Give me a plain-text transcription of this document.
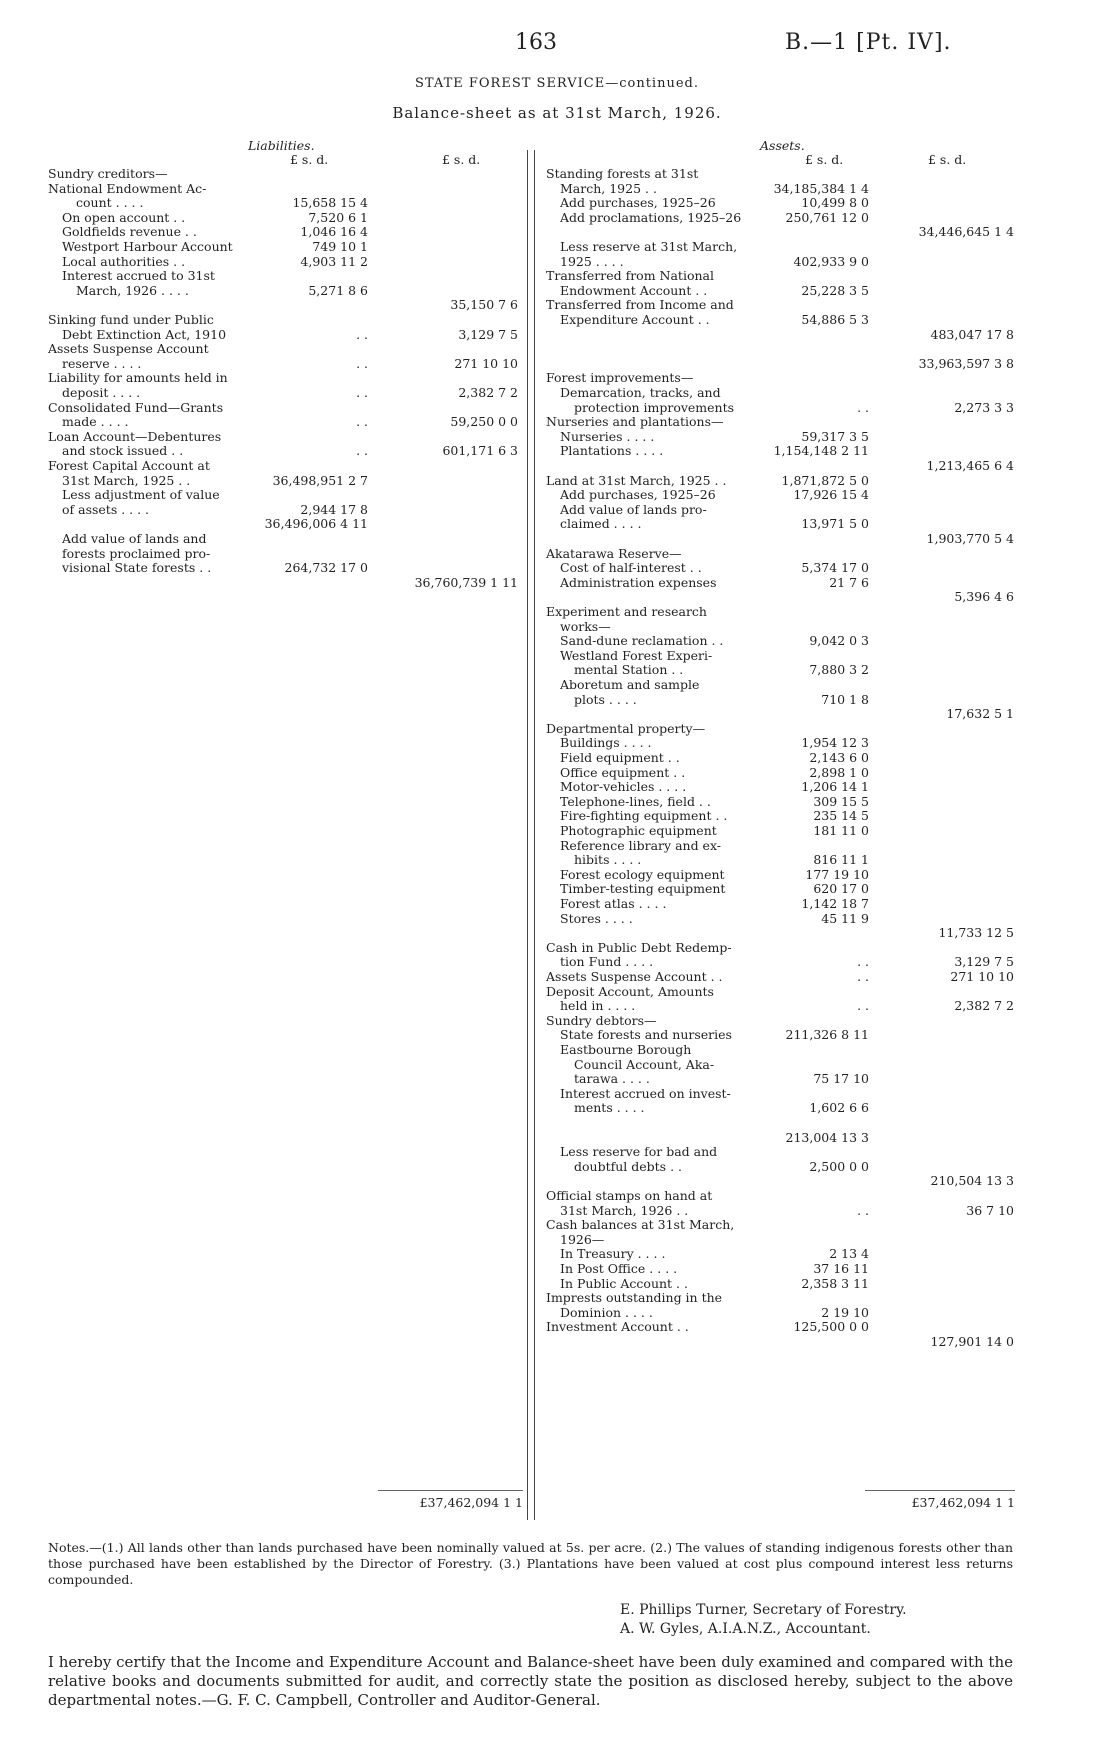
163	B.—1 [Pt. IV].
STATE FOREST SERVICE—continued.
Balance-sheet as at 31st March, 1926.
Liabilities.
£ s. d.	£ s. d.
Assets.
£ s. d.	£ s. d.
Sundry creditors—
National Endowment Ac-
count . . . .	15,658 15 4
On open account . .	7,520 6 1
Goldfields revenue . .	1,046 16 4
Westport Harbour Account	749 10 1
Local authorities . .	4,903 11 2
Interest accrued to 31st
March, 1926 . . . .	5,271 8 6
35,150 7 6
Sinking fund under Public
Debt Extinction Act, 1910	. .	3,129 7 5
Assets Suspense Account
reserve . . . .	. .	271 10 10
Liability for amounts held in
deposit . . . .	. .	2,382 7 2
Consolidated Fund—Grants
made . . . .	. .	59,250 0 0
Loan Account—Debentures
and stock issued . .	. .	601,171 6 3
Forest Capital Account at
31st March, 1925 . .	36,498,951 2 7
Less adjustment of value
of assets . . . .	2,944 17 8
36,496,006 4 11
Add value of lands and
forests proclaimed pro-
visional State forests . .	264,732 17 0
36,760,739 1 11
Standing forests at 31st
March, 1925 . .	34,185,384 1 4
Add purchases, 1925–26	10,499 8 0
Add proclamations, 1925–26	250,761 12 0
34,446,645 1 4
Less reserve at 31st March,
1925 . . . .	402,933 9 0
Transferred from National
Endowment Account . .	25,228 3 5
Transferred from Income and
Expenditure Account . .	54,886 5 3
483,047 17 8
33,963,597 3 8
Forest improvements—
Demarcation, tracks, and
protection improvements	. .	2,273 3 3
Nurseries and plantations—
Nurseries . . . .	59,317 3 5
Plantations . . . .	1,154,148 2 11
1,213,465 6 4
Land at 31st March, 1925 . .	1,871,872 5 0
Add purchases, 1925–26	17,926 15 4
Add value of lands pro-
claimed . . . .	13,971 5 0
1,903,770 5 4
Akatarawa Reserve—
Cost of half-interest . .	5,374 17 0
Administration expenses	21 7 6
5,396 4 6
Experiment and research
works—
Sand-dune reclamation . .	9,042 0 3
Westland Forest Experi-
mental Station . .	7,880 3 2
Aboretum and sample
plots . . . .	710 1 8
17,632 5 1
Departmental property—
Buildings . . . .	1,954 12 3
Field equipment . .	2,143 6 0
Office equipment . .	2,898 1 0
Motor-vehicles . . . .	1,206 14 1
Telephone-lines, field . .	309 15 5
Fire-fighting equipment . .	235 14 5
Photographic equipment	181 11 0
Reference library and ex-
hibits . . . .	816 11 1
Forest ecology equipment	177 19 10
Timber-testing equipment	620 17 0
Forest atlas . . . .	1,142 18 7
Stores . . . .	45 11 9
11,733 12 5
Cash in Public Debt Redemp-
tion Fund . . . .	. .	3,129 7 5
Assets Suspense Account . .	. .	271 10 10
Deposit Account, Amounts
held in . . . .	. .	2,382 7 2
Sundry debtors—
State forests and nurseries	211,326 8 11
Eastbourne Borough
Council Account, Aka-
tarawa . . . .	75 17 10
Interest accrued on invest-
ments . . . .	1,602 6 6
213,004 13 3
Less reserve for bad and
doubtful debts . .	2,500 0 0
210,504 13 3
Official stamps on hand at
31st March, 1926 . .	. .	36 7 10
Cash balances at 31st March,
1926—
In Treasury . . . .	2 13 4
In Post Office . . . .	37 16 11
In Public Account . .	2,358 3 11
Imprests outstanding in the
Dominion . . . .	2 19 10
Investment Account . .	125,500 0 0
127,901 14 0
£37,462,094 1 1	£37,462,094 1 1
Notes.—(1.) All lands other than lands purchased have been nominally valued at 5s. per acre. (2.) The values of standing indigenous forests other than those purchased have been established by the Director of Forestry. (3.) Plantations have been valued at cost plus compound interest less returns compounded.
E. Phillips Turner, Secretary of Forestry.
A. W. Gyles, A.I.A.N.Z., Accountant.
I hereby certify that the Income and Expenditure Account and Balance-sheet have been duly examined and compared with the relative books and documents submitted for audit, and correctly state the position as disclosed hereby, subject to the above departmental notes.—G. F. C. Campbell, Controller and Auditor-General.
